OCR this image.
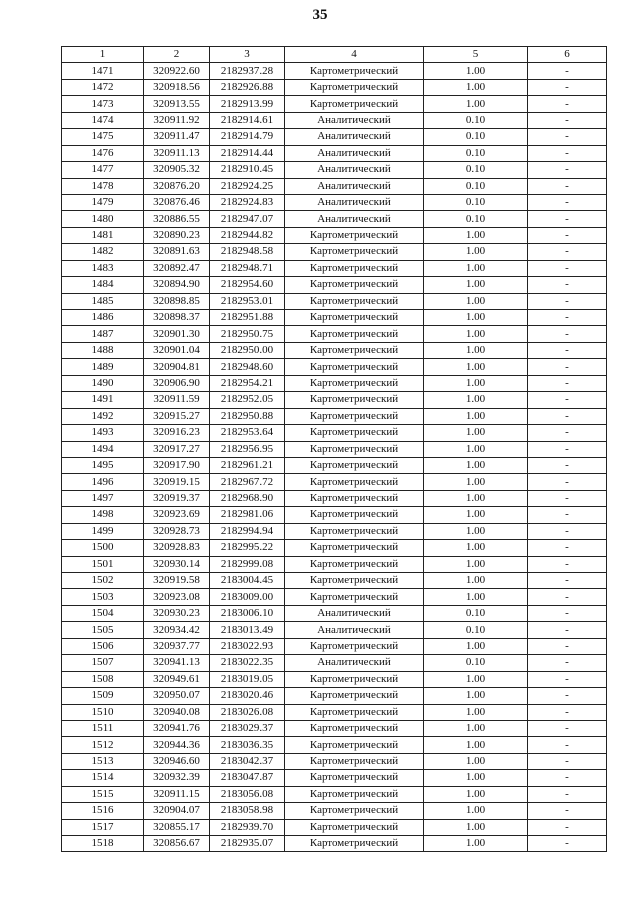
35
1	2	3	4	5	6
1471	320922.60	2182937.28	Картометрический	1.00	-
1472	320918.56	2182926.88	Картометрический	1.00	-
1473	320913.55	2182913.99	Картометрический	1.00	-
1474	320911.92	2182914.61	Аналитический	0.10	-
1475	320911.47	2182914.79	Аналитический	0.10	-
1476	320911.13	2182914.44	Аналитический	0.10	-
1477	320905.32	2182910.45	Аналитический	0.10	-
1478	320876.20	2182924.25	Аналитический	0.10	-
1479	320876.46	2182924.83	Аналитический	0.10	-
1480	320886.55	2182947.07	Аналитический	0.10	-
1481	320890.23	2182944.82	Картометрический	1.00	-
1482	320891.63	2182948.58	Картометрический	1.00	-
1483	320892.47	2182948.71	Картометрический	1.00	-
1484	320894.90	2182954.60	Картометрический	1.00	-
1485	320898.85	2182953.01	Картометрический	1.00	-
1486	320898.37	2182951.88	Картометрический	1.00	-
1487	320901.30	2182950.75	Картометрический	1.00	-
1488	320901.04	2182950.00	Картометрический	1.00	-
1489	320904.81	2182948.60	Картометрический	1.00	-
1490	320906.90	2182954.21	Картометрический	1.00	-
1491	320911.59	2182952.05	Картометрический	1.00	-
1492	320915.27	2182950.88	Картометрический	1.00	-
1493	320916.23	2182953.64	Картометрический	1.00	-
1494	320917.27	2182956.95	Картометрический	1.00	-
1495	320917.90	2182961.21	Картометрический	1.00	-
1496	320919.15	2182967.72	Картометрический	1.00	-
1497	320919.37	2182968.90	Картометрический	1.00	-
1498	320923.69	2182981.06	Картометрический	1.00	-
1499	320928.73	2182994.94	Картометрический	1.00	-
1500	320928.83	2182995.22	Картометрический	1.00	-
1501	320930.14	2182999.08	Картометрический	1.00	-
1502	320919.58	2183004.45	Картометрический	1.00	-
1503	320923.08	2183009.00	Картометрический	1.00	-
1504	320930.23	2183006.10	Аналитический	0.10	-
1505	320934.42	2183013.49	Аналитический	0.10	-
1506	320937.77	2183022.93	Картометрический	1.00	-
1507	320941.13	2183022.35	Аналитический	0.10	-
1508	320949.61	2183019.05	Картометрический	1.00	-
1509	320950.07	2183020.46	Картометрический	1.00	-
1510	320940.08	2183026.08	Картометрический	1.00	-
1511	320941.76	2183029.37	Картометрический	1.00	-
1512	320944.36	2183036.35	Картометрический	1.00	-
1513	320946.60	2183042.37	Картометрический	1.00	-
1514	320932.39	2183047.87	Картометрический	1.00	-
1515	320911.15	2183056.08	Картометрический	1.00	-
1516	320904.07	2183058.98	Картометрический	1.00	-
1517	320855.17	2182939.70	Картометрический	1.00	-
1518	320856.67	2182935.07	Картометрический	1.00	-
